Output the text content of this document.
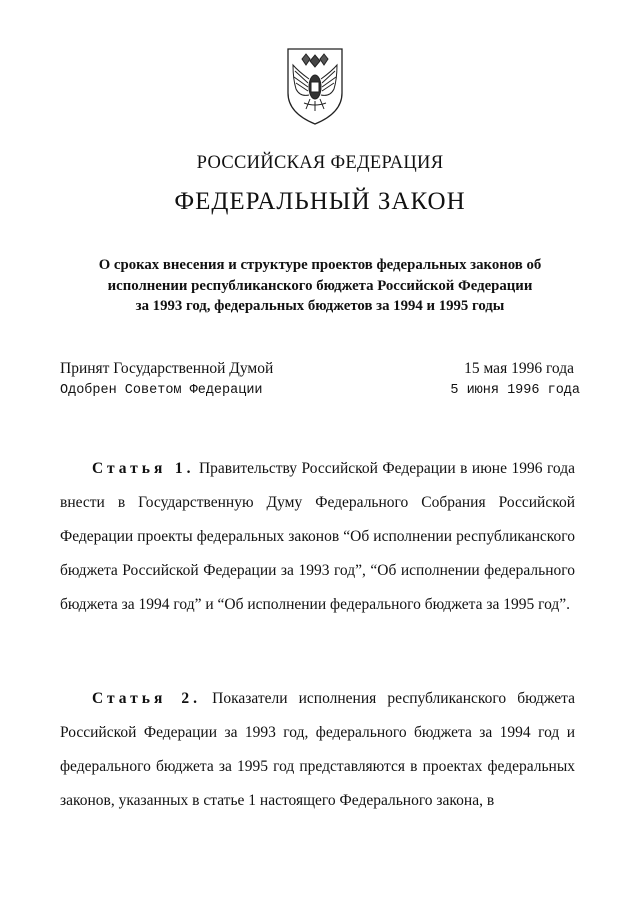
РОССИЙСКАЯ ФЕДЕРАЦИЯ
ФЕДЕРАЛЬНЫЙ ЗАКОН
О сроках внесения и структуре проектов федеральных законов об
исполнении республиканского бюджета Российской Федерации
за 1993 год, федеральных бюджетов за 1994 и 1995 годы
Принят Государственной Думой	15 мая 1996 года
Одобрен Советом Федерации	5 июня 1996 года

Статья 1. Правительству Российской Федерации в июне 1996 года внести в Государственную Думу Федерального Собрания Российской Федерации проекты федеральных законов “Об исполнении республиканского бюджета Российской Федерации за 1993 год”, “Об исполнении федерального бюджета за 1994 год” и “Об исполнении федерального бюджета за 1995 год”.

Статья 2. Показатели исполнения республиканского бюджета Российской Федерации за 1993 год, федерального бюджета за 1994 год и федерального бюджета за 1995 год представляются в проектах федеральных законов, указанных в статье 1 настоящего Федерального закона, в
